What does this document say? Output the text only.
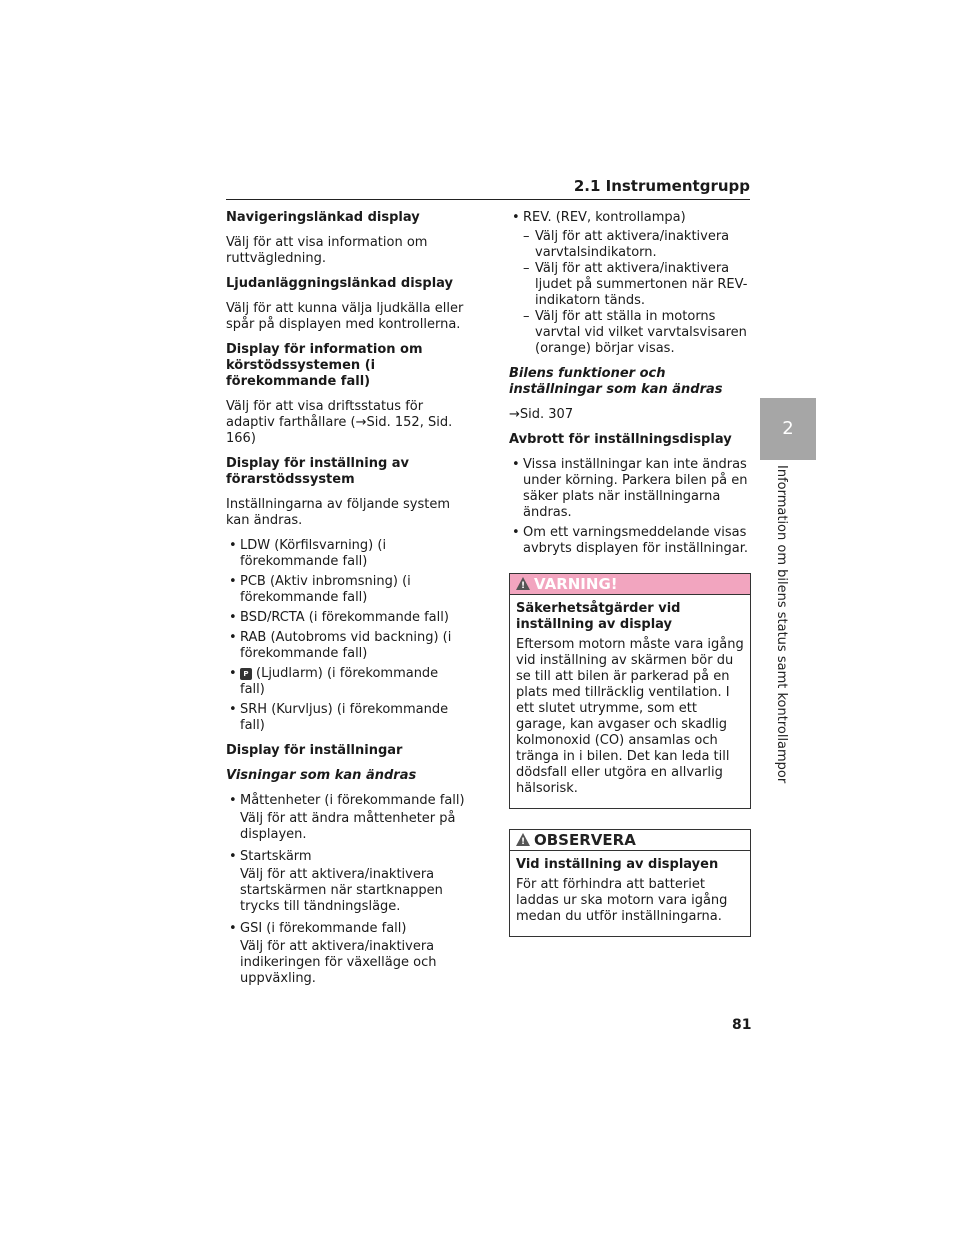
2.1 Instrumentgrupp
2
Information om bilens status samt kontrollampor
Navigeringslänkad display

Välj för att visa information om ruttvägledning.

Ljudanläggningslänkad display

Välj för att kunna välja ljudkälla eller spår på displayen med kontrollerna.

Display för information om körstödssystemen (i förekommande fall)

Välj för att visa driftsstatus för adaptiv farthållare (→Sid. 152, Sid. 166)

Display för inställning av förarstödssystem

Inställningarna av följande system kan ändras.

• LDW (Körfilsvarning) (i förekommande fall)
• PCB (Aktiv inbromsning) (i förekommande fall)
• BSD/RCTA (i förekommande fall)
• RAB (Autobroms vid backning) (i förekommande fall)
• P (Ljudlarm) (i förekommande fall)
• SRH (Kurvljus) (i förekommande fall)
Display för inställningar
Visningar som kan ändras
• Måttenheter (i förekommande fall)
Välj för att ändra måttenheter på displayen.
• Startskärm
Välj för att aktivera/inaktivera startskärmen när startknappen trycks till tändningsläge.
• GSI (i förekommande fall)
Välj för att aktivera/inaktivera indikeringen för växelläge och uppväxling.
• REV. (REV, kontrollampa)
– Välj för att aktivera/inaktivera varvtalsindikatorn.
– Välj för att aktivera/inaktivera ljudet på summertonen när REV-indikatorn tänds.
– Välj för att ställa in motorns varvtal vid vilket varvtalsvisaren (orange) börjar visas.
Bilens funktioner och inställningar som kan ändras

→Sid. 307

Avbrott för inställningsdisplay
• Vissa inställningar kan inte ändras under körning. Parkera bilen på en säker plats när inställningarna ändras.
• Om ett varningsmeddelande visas avbryts displayen för inställningar.
!VARNING!
Säkerhetsåtgärder vid inställning av display

Eftersom motorn måste vara igång vid inställning av skärmen bör du se till att bilen är parkerad på en plats med tillräcklig ventilation. I ett slutet utrymme, som ett garage, kan avgaser och skadlig kolmonoxid (CO) ansamlas och tränga in i bilen. Det kan leda till dödsfall eller utgöra en allvarlig hälsorisk.

!OBSERVERA
Vid inställning av displayen

För att förhindra att batteriet laddas ur ska motorn vara igång medan du utför inställningarna.

81
